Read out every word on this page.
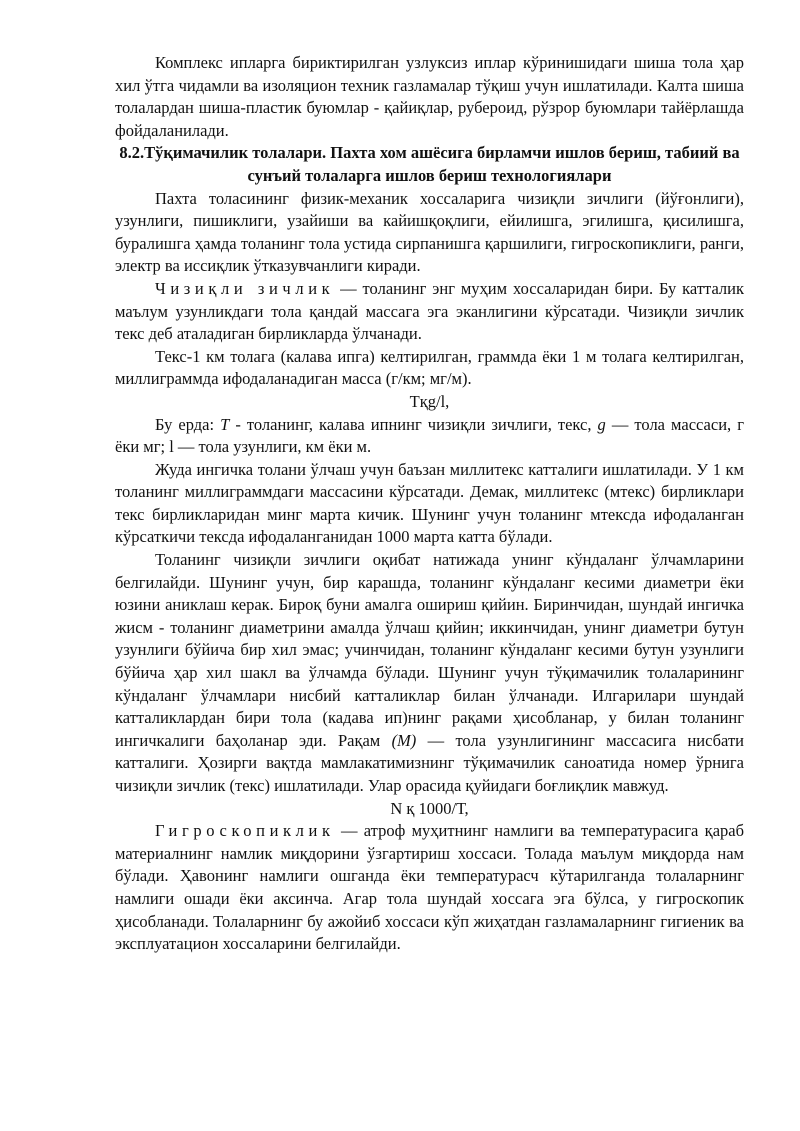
Комплекс ипларга бириктирилган узлуксиз иплар кўринишидаги шиша тола ҳар хил ўтга чидамли ва изоляцион техник газламалар тўқиш учун ишлатилади. Калта шиша толалардан шиша-пластик буюмлар - қайиқлар, рубероид, рўзрор буюмлари тайёрлашда фойдаланилади.

8.2.Тўқимачилик толалари. Пахта хом ашёсига бирламчи ишлов бериш, табиий ва сунъий толаларга ишлов бериш технологиялари

Пахта толасининг физик-механик хоссаларига чизиқли зичлиги (йўғонлиги), узунлиги, пишиклиги, узайиши ва кайишқоқлиги, ейилишга, эгилишга, қисилишга, буралишга ҳамда толанинг тола устида сирпанишга қаршилиги, гигроскопиклиги, ранги, электр ва иссиқлик ўтказувчанлиги киради.

Чизиқли зичлик — толанинг энг муҳим хоссаларидан бири. Бу катталик маълум узунликдаги тола қандай массага эга эканлигини кўрсатади. Чизиқли зичлик текс деб аталадиган бирликларда ўлчанади.

Текс-1 км толага (калава ипга) келтирилган, граммда ёки 1 м толага келтирилган, миллиграммда ифодаланадиган масса (г/км; мг/м).

Тқg/l,

Бу ерда: Т - толанинг, калава ипнинг чизиқли зичлиги, текс, g — тола массаси, г ёки мг; l — тола узунлиги, км ёки м.

Жуда ингичка толани ўлчаш учун баъзан миллитекс катталиги ишлатилади. У 1 км толанинг миллиграммдаги массасини кўрсатади. Демак, миллитекс (мтекс) бирликлари текс бирликларидан минг марта кичик. Шунинг учун толанинг мтексда ифодаланган кўрсаткичи тексда ифодаланганидан 1000 марта катта бўлади.

Толанинг чизиқли зичлиги оқибат натижада унинг кўндаланг ўлчамларини белгилайди. Шунинг учун, бир карашда, толанинг кўндаланг кесими диаметри ёки юзини аниклаш керак. Бироқ буни амалга ошириш қийин. Биринчидан, шундай ингичка жисм - толанинг диаметрини амалда ўлчаш қийин; иккинчидан, унинг диаметри бутун узунлиги бўйича бир хил эмас; учинчидан, толанинг кўндаланг кесими бутун узунлиги бўйича ҳар хил шакл ва ўлчамда бўлади. Шунинг учун тўқимачилик толаларининг кўндаланг ўлчамлари нисбий катталиклар билан ўлчанади. Илгарилари шундай катталиклардан бири тола (кадава ип)нинг рақами ҳисобланар, у билан толанинг ингичкалиги баҳоланар эди. Рақам (М) — тола узунлигининг массасига нисбати катталиги. Ҳозирги вақтда мамлакатимизнинг тўқимачилик саноатида номер ўрнига чизиқли зичлик (текс) ишлатилади. Улар орасида қуйидаги боғлиқлик мавжуд.

N қ 1000/Т,

Гигроскопиклик — атроф муҳитнинг намлиги ва температурасига қараб материалнинг намлик миқдорини ўзгартириш хоссаси. Толада маълум миқдорда нам бўлади. Ҳавонинг намлиги ошганда ёки температурасч кўтарилганда толаларнинг намлиги ошади ёки аксинча. Агар тола шундай хоссага эга бўлса, у гигроскопик ҳисобланади. Толаларнинг бу ажойиб хоссаси кўп жиҳатдан газламаларнинг гигиеник ва эксплуатацион хоссаларини белгилайди.
